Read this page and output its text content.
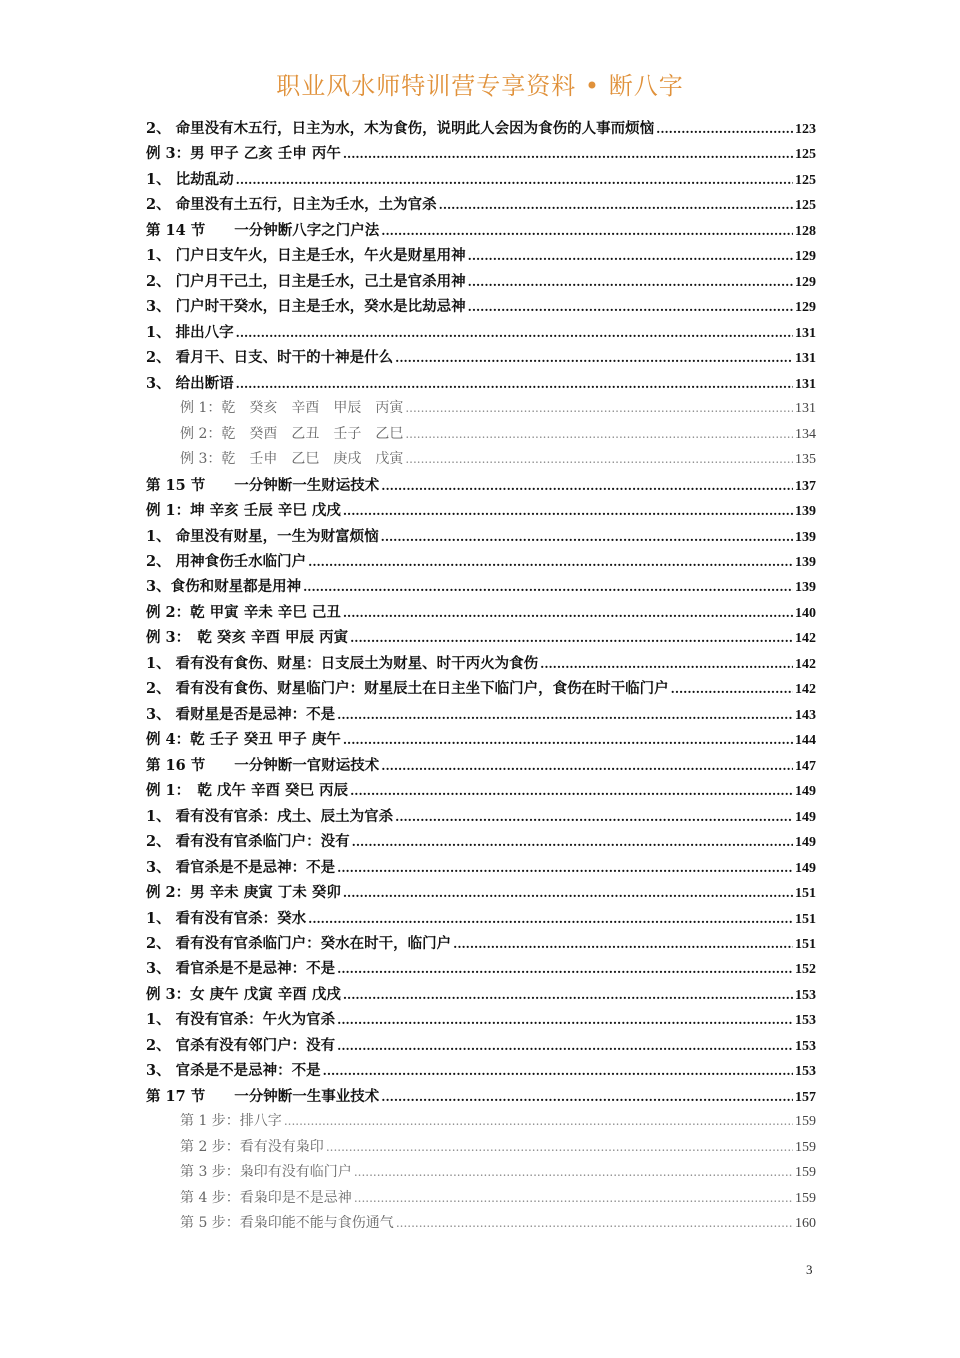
职业风水师特训营专享资料 • 断八字
2、 命里没有木五行，日主为水，木为食伤，说明此人会因为食伤的人事而烦恼 .....	123
例 3：男 甲子 乙亥 壬申 丙午 .....	125
1、 比劫乱动 .....	125
2、 命里没有土五行，日主为壬水，土为官杀 .....	125
第 14 节　　一分钟断八字之门户法 .....	128
1、 门户日支午火，日主是壬水，午火是财星用神 .....	129
2、 门户月干己土，日主是壬水，己土是官杀用神 .....	129
3、 门户时干癸水，日主是壬水，癸水是比劫忌神 .....	129
1、 排出八字 .....	131
2、 看月干、日支、时干的十神是什么 .....	131
3、 给出断语 .....	131
例 1：乾　癸亥　辛酉　甲辰　丙寅 .....	131
例 2：乾　癸酉　乙丑　壬子　乙巳 .....	134
例 3：乾　壬申　乙巳　庚戌　戊寅 .....	135
第 15 节　　一分钟断一生财运技术 .....	137
例 1：坤 辛亥 壬辰 辛巳 戊戌 .....	139
1、 命里没有财星，一生为财富烦恼 .....	139
2、 用神食伤壬水临门户 .....	139
3、食伤和财星都是用神 .....	139
例 2：乾 甲寅 辛未 辛巳 己丑 .....	140
例 3：　乾 癸亥 辛酉 甲辰 丙寅 .....	142
1、 看有没有食伤、财星：日支辰土为财星、时干丙火为食伤 .....	142
2、 看有没有食伤、财星临门户：财星辰土在日主坐下临门户，食伤在时干临门户 .....	142
3、 看财星是否是忌神：不是 .....	143
例 4：乾 壬子 癸丑 甲子 庚午 .....	144
第 16 节　　一分钟断一官财运技术 .....	147
例 1：　乾 戊午 辛酉 癸巳 丙辰 .....	149
1、 看有没有官杀：戌土、辰土为官杀 .....	149
2、 看有没有官杀临门户：没有 .....	149
3、 看官杀是不是忌神：不是 .....	149
例 2：男 辛未 庚寅 丁未 癸卯 .....	151
1、 看有没有官杀：癸水 .....	151
2、 看有没有官杀临门户：癸水在时干，临门户 .....	151
3、 看官杀是不是忌神：不是 .....	152
例 3：女 庚午 戊寅 辛酉 戊戌 .....	153
1、 有没有官杀：午火为官杀 .....	153
2、 官杀有没有邻门户：没有 .....	153
3、 官杀是不是忌神：不是 .....	153
第 17 节　　一分钟断一生事业技术 .....	157
第 1 步：排八字 .....	159
第 2 步：看有没有枭印 .....	159
第 3 步：枭印有没有临门户 .....	159
第 4 步：看枭印是不是忌神 .....	159
第 5 步：看枭印能不能与食伤通气 .....	160
3
